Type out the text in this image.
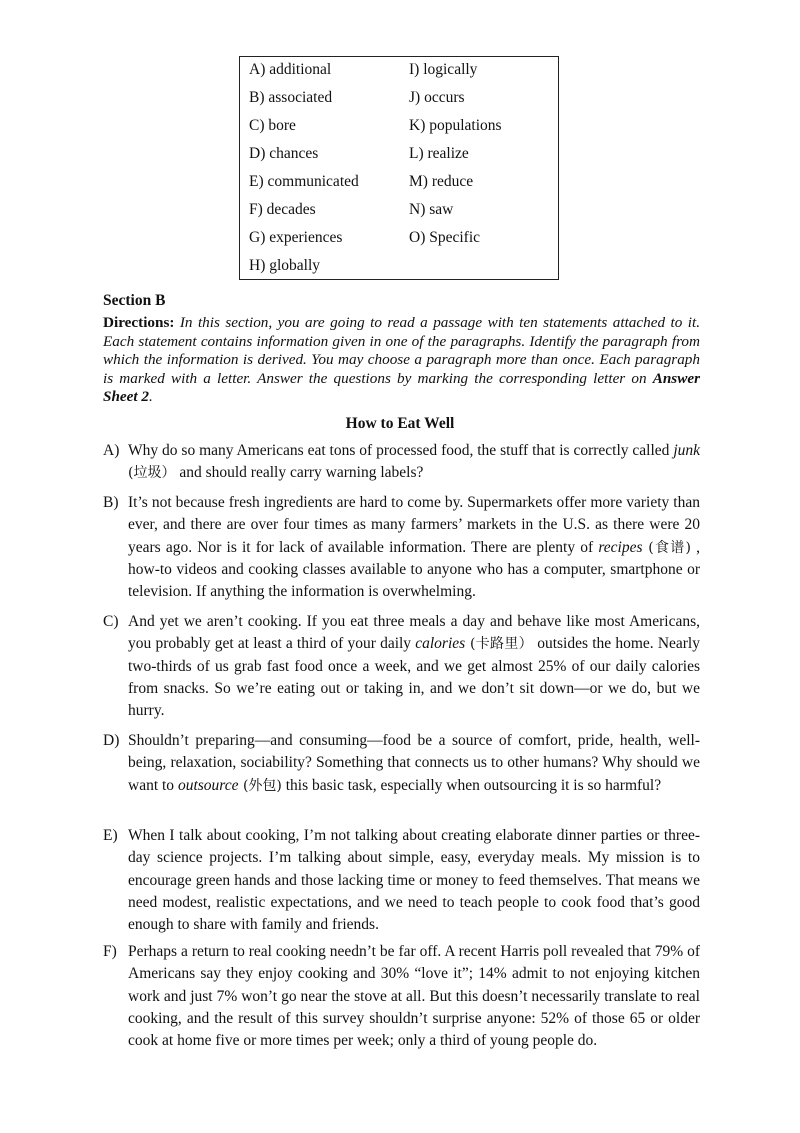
A) additional
B) associated
C) bore
D) chances
E) communicated
F) decades
G) experiences
H) globally
I) logically
J) occurs
K) populations
L) realize
M) reduce
N) saw
O) Specific
Section B
Directions: In this section, you are going to read a passage with ten statements attached to it. Each statement contains information given in one of the paragraphs. Identify the paragraph from which the information is derived. You may choose a paragraph more than once. Each paragraph is marked with a letter. Answer the questions by marking the corresponding letter on Answer Sheet 2.
How to Eat Well
A) Why do so many Americans eat tons of processed food, the stuff that is correctly called junk (垃圾） and should really carry warning labels?
B) It’s not because fresh ingredients are hard to come by. Supermarkets offer more variety than ever, and there are over four times as many farmers’ markets in the U.S. as there were 20 years ago. Nor is it for lack of available information. There are plenty of recipes (食谱) , how-to videos and cooking classes available to anyone who has a computer, smartphone or television. If anything the information is overwhelming.
C) And yet we aren’t cooking. If you eat three meals a day and behave like most Americans, you probably get at least a third of your daily calories (卡路里） outsides the home. Nearly two-thirds of us grab fast food once a week, and we get almost 25% of our daily calories from snacks. So we’re eating out or taking in, and we don’t sit down—or we do, but we hurry.
D) Shouldn’t preparing—and consuming—food be a source of comfort, pride, health, well-being, relaxation, sociability? Something that connects us to other humans? Why should we want to outsource (外包) this basic task, especially when outsourcing it is so harmful?
E) When I talk about cooking, I’m not talking about creating elaborate dinner parties or three-day science projects. I’m talking about simple, easy, everyday meals. My mission is to encourage green hands and those lacking time or money to feed themselves. That means we need modest, realistic expectations, and we need to teach people to cook food that’s good enough to share with family and friends.
F) Perhaps a return to real cooking needn’t be far off. A recent Harris poll revealed that 79% of Americans say they enjoy cooking and 30% “love it”; 14% admit to not enjoying kitchen work and just 7% won’t go near the stove at all. But this doesn’t necessarily translate to real cooking, and the result of this survey shouldn’t surprise anyone: 52% of those 65 or older cook at home five or more times per week; only a third of young people do.
